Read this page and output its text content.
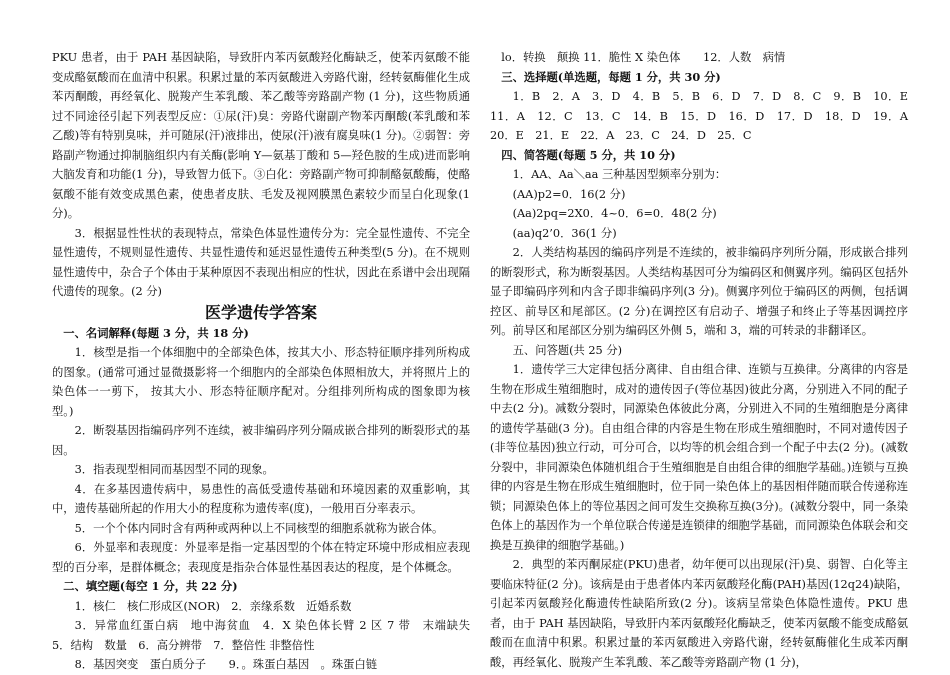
PKU 患者，由于 PAH 基因缺陷，导致肝内苯丙氨酸羟化酶缺乏，使苯丙氨酸不能变成酪氨酸而在血清中积累。积累过量的苯丙氨酸进入旁路代谢，经转氨酶催化生成苯丙酮酸，再经氧化、脱羧产生苯乳酸、苯乙酸等旁路副产物 (1 分)，这些物质通过不同途径引起下列表型反应：①尿(汗)臭：旁路代谢副产物苯丙酮酸(苯乳酸和苯乙酸)等有特别臭味，并可随尿(汗)液排出，使尿(汗)液有腐臭味(1 分)。②弱智：旁路副产物通过抑制脑组织内有关酶(影响 Y—氨基丁酸和 5—羟色胺的生成)进而影响大脑发育和功能(1 分)，导致智力低下。③白化：旁路副产物可抑制酪氨酸酶，使酪氨酸不能有效变成黑色素，使患者皮肤、毛发及视网膜黑色素较少而呈白化现象(1分)。

3．根据显性性状的表现特点，常染色体显性遗传分为：完全显性遗传、不完全显性遗传，不规则显性遗传、共显性遗传和延迟显性遗传五种类型(5 分)。在不规则显性遗传中，杂合子个体由于某种原因不表现出相应的性状，因此在系谱中会出现隔代遗传的现象。(2 分)

医学遗传学答案

一、名词解释(每题 3 分，共 18 分)

1．核型是指一个体细胞中的全部染色体，按其大小、形态特征顺序排列所构成的图象。(通常可通过显微摄影将一个细胞内的全部染色体照相放大，并将照片上的染色体一一剪下， 按其大小、形态特征顺序配对。分组排列所构成的图象即为核型。)

2．断裂基因指编码序列不连续，被非编码序列分隔成嵌合排列的断裂形式的基因。

3．指表现型相同而基因型不同的现象。

4．在多基因遗传病中，易患性的高低受遗传基础和环境因素的双重影响，其中，遗传基础所起的作用大小的程度称为遗传率(度)，一般用百分率表示。

5．一个个体内同时含有两种或两种以上不同核型的细胞系就称为嵌合体。

6．外显率和表现度：外显率是指一定基因型的个体在特定环境中形成相应表现型的百分率，是群体概念；表现度是指杂合体显性基因表达的程度，是个体概念。

二、填空题(每空 1 分，共 22 分)

1．核仁　核仁形成区(NOR)　2．亲缘系数　近婚系数

3．异常血红蛋白病　地中海贫血　4．X 染色体长臂 2 区 7 带　末端缺失　5．结构　数量　6．高分辨带　7．整倍性 非整倍性

8．基因突变　蛋白质分子　　9．。珠蛋白基因　。珠蛋白链

lo．转换　颠换 11．脆性 X 染色体　　12．人数　病情

三、选择题(单选题，每题 1 分，共 30 分)

1．B　2．A　3．D　4．B　5．B　6．D　7．D　8．C　9．B　10．E　11．A　12．C　13．C　14．B　15．D　16．D　17．D　18．D　19．A　20．E　21．E　22．A　23．C　24．D　25．C

四、简答题(每题 5 分，共 10 分)

1．AA、Aa＼aa 三种基因型频率分别为：

(AA)p2=0．16(2 分)

(Aa)2pq=2X0．4~0．6=0．48(2 分)

(aa)q2’0．36(1 分)

2．人类结构基因的编码序列是不连续的，被非编码序列所分隔，形成嵌合排列的断裂形式，称为断裂基因。人类结构基因可分为编码区和侧翼序列。编码区包括外显子即编码序列和内含子即非编码序列(3 分)。侧翼序列位于编码区的两侧，包括调控区、前导区和尾部区。(2 分)在调控区有启动子、增强子和终止子等基因调控序列。前导区和尾部区分别为编码区外侧 5，端和 3，端的可转录的非翻译区。

五、问答题(共 25 分)

1．遗传学三大定律包括分离律、自由组合律、连锁与互换律。分离律的内容是生物在形成生殖细胞时，成对的遗传因子(等位基因)彼此分离，分别进入不同的配子中去(2 分)。减数分裂时，同源染色体彼此分离，分别进入不同的生殖细胞是分离律的遗传学基础(3 分)。自由组合律的内容是生物在形成生殖细胞时，不同对遗传因子(非等位基因)独立行动，可分可合，以均等的机会组合到一个配子中去(2 分)。(减数分裂中，非同源染色体随机组合于生殖细胞是自由组合律的细胞学基础。)连锁与互换律的内容是生物在形成生殖细胞时，位于同一染色体上的基因相伴随而联合传递称连锁；同源染色体上的等位基因之间可发生交换称互换(3分)。(减数分裂中，同一条染色体上的基因作为一个单位联合传递是连锁律的细胞学基础，而同源染色体联会和交换是互换律的细胞学基础。)

2．典型的苯丙酮尿症(PKU)患者，幼年便可以出现尿(汗)臭、弱智、白化等主要临床特征(2 分)。该病是由于患者体内苯丙氨酸羟化酶(PAH)基因(12q24)缺陷，引起苯丙氨酸羟化酶遗传性缺陷所致(2 分)。该病呈常染色体隐性遗传。PKU 患者，由于 PAH 基因缺陷，导致肝内苯丙氨酸羟化酶缺乏，使苯丙氨酸不能变成酪氨酸而在血清中积累。积累过量的苯丙氨酸进入旁路代谢，经转氨酶催化生成苯丙酮酸，再经氧化、脱羧产生苯乳酸、苯乙酸等旁路副产物 (1 分)，
